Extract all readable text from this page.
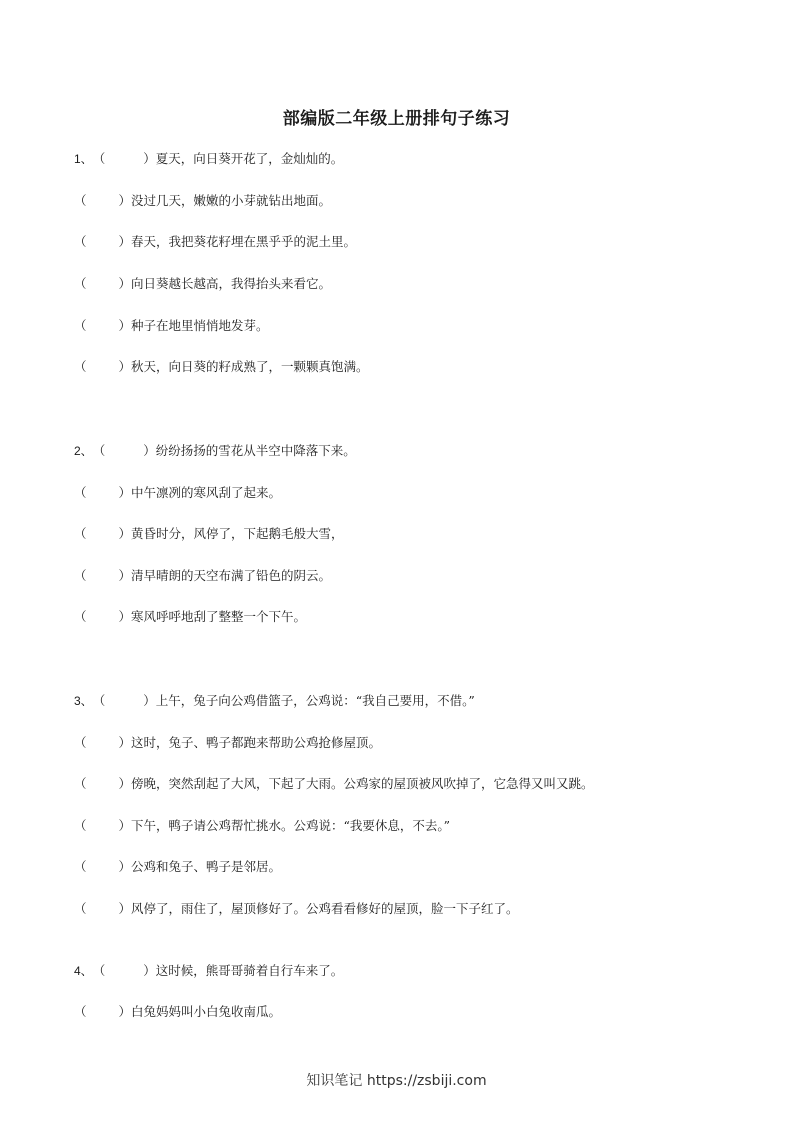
部编版二年级上册排句子练习
1、（	）夏天，向日葵开花了，金灿灿的。
（	）没过几天，嫩嫩的小芽就钻出地面。
（	）春天，我把葵花籽埋在黑乎乎的泥土里。
（	）向日葵越长越高，我得抬头来看它。
（	）种子在地里悄悄地发芽。
（	）秋天，向日葵的籽成熟了，一颗颗真饱满。
2、（	）纷纷扬扬的雪花从半空中降落下来。
（	）中午凛冽的寒风刮了起来。
（	）黄昏时分，风停了，下起鹅毛般大雪，
（	）清早晴朗的天空布满了铅色的阴云。
（	）寒风呼呼地刮了整整一个下午。
3、（	）上午，兔子向公鸡借篮子，公鸡说：“我自己要用，不借。”
（	）这时，兔子、鸭子都跑来帮助公鸡抢修屋顶。
（	）傍晚，突然刮起了大风，下起了大雨。公鸡家的屋顶被风吹掉了，它急得又叫又跳。
（	）下午，鸭子请公鸡帮忙挑水。公鸡说：“我要休息，不去。”
（	）公鸡和兔子、鸭子是邻居。
（	）风停了，雨住了，屋顶修好了。公鸡看看修好的屋顶，脸一下子红了。
4、（	）这时候，熊哥哥骑着自行车来了。
（	）白兔妈妈叫小白兔收南瓜。
知识笔记 https://zsbiji.com
